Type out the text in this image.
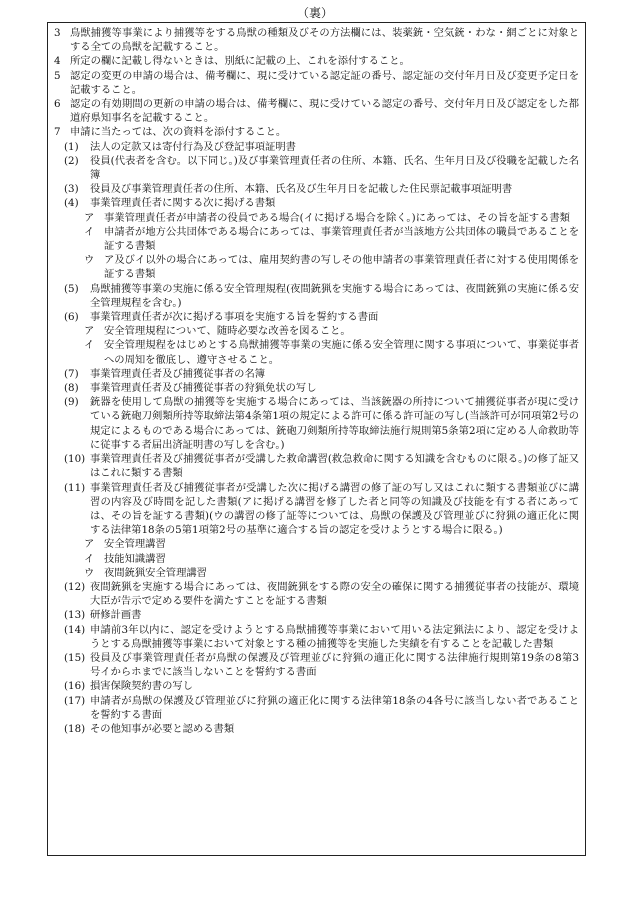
（裏）
3 鳥獣捕獲等事業により捕獲等をする鳥獣の種類及びその方法欄には、装薬銃・空気銃・わな・網ごとに対象とする全ての鳥獣を記載すること。
4 所定の欄に記載し得ないときは、別紙に記載の上、これを添付すること。
5 認定の変更の申請の場合は、備考欄に、現に受けている認定証の番号、認定証の交付年月日及び変更予定日を記載すること。
6 認定の有効期間の更新の申請の場合は、備考欄に、現に受けている認定の番号、交付年月日及び認定をした都道府県知事名を記載すること。
7 申請に当たっては、次の資料を添付すること。
(1)	法人の定款又は寄付行為及び登記事項証明書
(2)	役員(代表者を含む。以下同じ。)及び事業管理責任者の住所、本籍、氏名、生年月日及び役職を記載した名簿
(3)	役員及び事業管理責任者の住所、本籍、氏名及び生年月日を記載した住民票記載事項証明書
(4)	事業管理責任者に関する次に掲げる書類
ア 事業管理責任者が申請者の役員である場合(イに掲げる場合を除く。)にあっては、その旨を証する書類
イ 申請者が地方公共団体である場合にあっては、事業管理責任者が当該地方公共団体の職員であることを証する書類
ウ ア及びイ以外の場合にあっては、雇用契約書の写しその他申請者の事業管理責任者に対する使用関係を証する書類
(5)	鳥獣捕獲等事業の実施に係る安全管理規程(夜間銃猟を実施する場合にあっては、夜間銃猟の実施に係る安全管理規程を含む。)
(6)	事業管理責任者が次に掲げる事項を実施する旨を誓約する書面
ア 安全管理規程について、随時必要な改善を図ること。
イ 安全管理規程をはじめとする鳥獣捕獲等事業の実施に係る安全管理に関する事項について、事業従事者への周知を徹底し、遵守させること。
(7)	事業管理責任者及び捕獲従事者の名簿
(8)	事業管理責任者及び捕獲従事者の狩猟免状の写し
(9)	銃器を使用して鳥獣の捕獲等を実施する場合にあっては、当該銃器の所持について捕獲従事者が現に受けている銃砲刀剣類所持等取締法第4条第1項の規定による許可に係る許可証の写し(当該許可が同項第2号の規定によるものである場合にあっては、銃砲刀剣類所持等取締法施行規則第5条第2項に定める人命救助等に従事する者届出済証明書の写しを含む。)
(10) 事業管理責任者及び捕獲従事者が受講した救命講習(救急救命に関する知識を含むものに限る。)の修了証又はこれに類する書類
(11) 事業管理責任者及び捕獲従事者が受講した次に掲げる講習の修了証の写し又はこれに類する書類並びに講習の内容及び時間を記した書類(アに掲げる講習を修了した者と同等の知識及び技能を有する者にあっては、その旨を証する書類)(ウの講習の修了証等については、鳥獣の保護及び管理並びに狩猟の適正化に関する法律第18条の5第1項第2号の基準に適合する旨の認定を受けようとする場合に限る。)
ア 安全管理講習
イ 技能知識講習
ウ 夜間銃猟安全管理講習
(12) 夜間銃猟を実施する場合にあっては、夜間銃猟をする際の安全の確保に関する捕獲従事者の技能が、環境大臣が告示で定める要件を満たすことを証する書類
(13) 研修計画書
(14) 申請前3年以内に、認定を受けようとする鳥獣捕獲等事業において用いる法定猟法により、認定を受けようとする鳥獣捕獲等事業において対象とする種の捕獲等を実施した実績を有することを記載した書類
(15) 役員及び事業管理責任者が鳥獣の保護及び管理並びに狩猟の適正化に関する法律施行規則第19条の8第3号イからホまでに該当しないことを誓約する書面
(16) 損害保険契約書の写し
(17) 申請者が鳥獣の保護及び管理並びに狩猟の適正化に関する法律第18条の4各号に該当しない者であることを誓約する書面
(18) その他知事が必要と認める書類
